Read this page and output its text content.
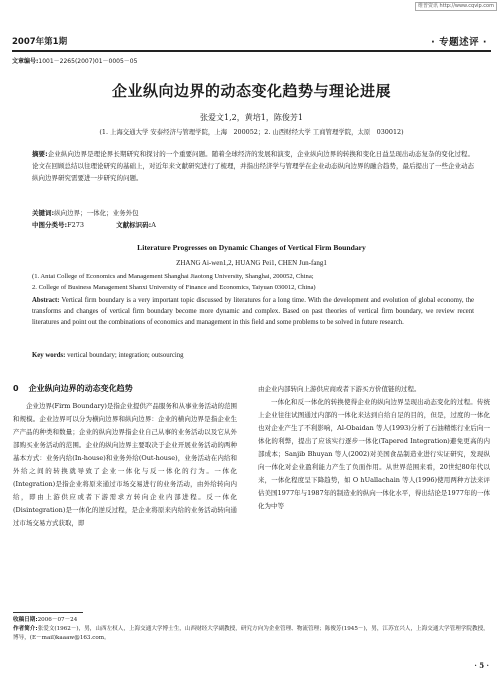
维普资讯 http://www.cqvip.com
2007年第1期	· 专题述评 ·
文章编号:1001－2265(2007)01－0005－05
企业纵向边界的动态变化趋势与理论进展
张爱文1,2，黄培1，陈俊芳1
(1. 上海交通大学 安泰经济与管理学院，上海　200052；2. 山西财经大学 工商管理学院，太原　030012)
摘要:企业纵向边界是理论界长期研究和探讨的一个重要问题。随着全球经济的发展和演变，企业纵向边界的转换和变化日益呈现出动态复杂的变化过程。论文在回顾总结以往理论研究的基础上，对近年来文献研究进行了梳理，并指出经济学与管理学在企业动态纵向边界的融合趋势，最后提出了一些企业动态纵向边界研究需要进一步研究的问题。
关键词:纵向边界；一体化；业务外包
中图分类号:F273	文献标识码:A
Literature Progresses on Dynamic Changes of Vertical Firm Boundary
ZHANG Ai-wen1,2, HUANG Pei1, CHEN Jun-fang1
(1. Antai College of Economics and Management Shanghai Jiaotong University, Shanghai, 200052, China;
2. College of Business Management Shanxi University of Finance and Economics, Taiyuan 030012, China)
Abstract: Vertical firm boundary is a very important topic discussed by literatures for a long time. With the development and evolution of global economy, the transforms and changes of vertical firm boundary become more dynamic and complex. Based on past theories of vertical firm boundary, we review recent literatures and point out the combinations of economics and management in this field and some problems to be solved in future research.
Key words: vertical boundary; integration; outsourcing
0 企业纵向边界的动态变化趋势

企业边界(Firm Boundary)是指企业提供产品服务和从事业务活动的范围和规模。企业边界可以分为横向边界和纵向边界：企业的横向边界是指企业生产产品的种类和数量；企业的纵向边界指企业自己从事的业务活动以及它从外部购买业务活动的范围。企业的纵向边界主要取决于企业开展业务活动的两种基本方式：业务内给(In-house)和业务外给(Out-house)，业务活动在内给和外给之间的转换就导致了企业一体化与反一体化的行为。一体化(Integration)是指企业将原来通过市场交易进行的业务活动，由外给转向内给，即由上游供应或者下游需求方转向企业内部进程。反一体化(Disintegration)是一体化的逆反过程，是企业将原来内给的业务活动转向通过市场交易方式获取，即

由企业内部转向上游供应商或者下游买方价值链的过程。

一体化和反一体化的转换使得企业的纵向边界呈现出动态变化的过程。传统上企业往往试图通过内部的一体化来达到自给自足的目的，但是，过度的一体化也对企业产生了不利影响，Al-Obaidan 等人(1993)分析了石油精炼行业后向一体化的利弊，提出了应该实行逐步一体化(Tapered Integration)避免更高的内部成本；Sanjib Bhuyan 等人(2002)对美国食品制造业进行实证研究，发现纵向一体化对企业盈利能力产生了负面作用。从世界范围来看，20世纪80年代以来，一体化程度呈下降趋势，如 O hUallachain 等人(1996)使用两种方法来评估美国1977年与1987年的制造业的纵向一体化水平，得出结论是1977年的一体化为中等

收稿日期:2006－07－24
作者简介:张爱文(1962－)，男，山西左权人，上海交通大学博士生，山西财经大学副教授，研究方向为企业管理、物流管理；陈俊芳(1945－)，男，江苏宜兴人，上海交通大学管理学院教授，博导，(E－mail)kaaaw@163.com。
· 5 ·
